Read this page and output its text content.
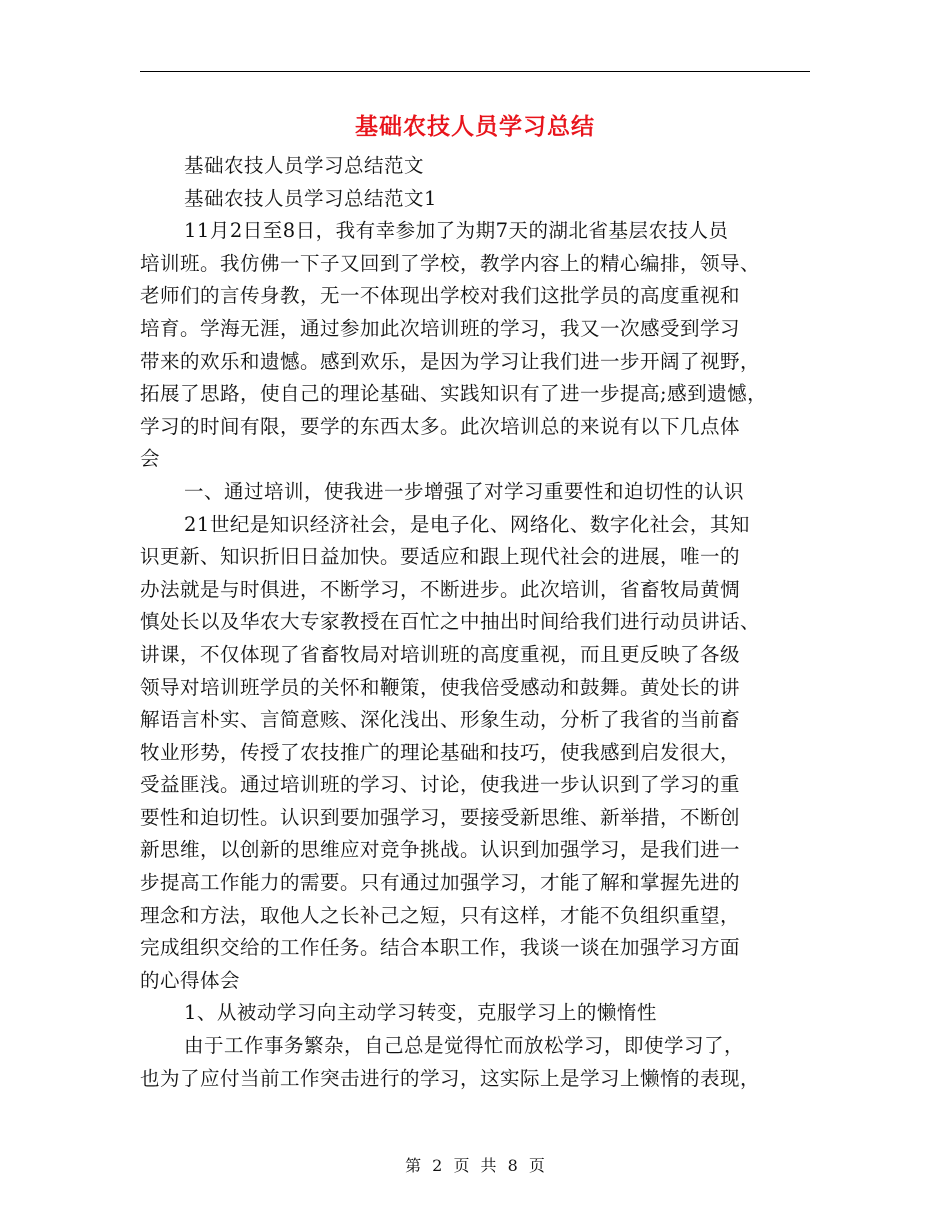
基础农技人员学习总结
基础农技人员学习总结范文
基础农技人员学习总结范文1
11月2日至8日，我有幸参加了为期7天的湖北省基层农技人员
培训班。我仿佛一下子又回到了学校，教学内容上的精心编排，领导、
老师们的言传身教，无一不体现出学校对我们这批学员的高度重视和
培育。学海无涯，通过参加此次培训班的学习，我又一次感受到学习
带来的欢乐和遗憾。感到欢乐，是因为学习让我们进一步开阔了视野，
拓展了思路，使自己的理论基础、实践知识有了进一步提高;感到遗憾，
学习的时间有限，要学的东西太多。此次培训总的来说有以下几点体
会
一、通过培训，使我进一步增强了对学习重要性和迫切性的认识
21世纪是知识经济社会，是电子化、网络化、数字化社会，其知
识更新、知识折旧日益加快。要适应和跟上现代社会的进展，唯一的
办法就是与时俱进，不断学习，不断进步。此次培训，省畜牧局黄惆
慎处长以及华农大专家教授在百忙之中抽出时间给我们进行动员讲话、
讲课，不仅体现了省畜牧局对培训班的高度重视，而且更反映了各级
领导对培训班学员的关怀和鞭策，使我倍受感动和鼓舞。黄处长的讲
解语言朴实、言简意赅、深化浅出、形象生动，分析了我省的当前畜
牧业形势，传授了农技推广的理论基础和技巧，使我感到启发很大，
受益匪浅。通过培训班的学习、讨论，使我进一步认识到了学习的重
要性和迫切性。认识到要加强学习，要接受新思维、新举措，不断创
新思维，以创新的思维应对竞争挑战。认识到加强学习，是我们进一
步提高工作能力的需要。只有通过加强学习，才能了解和掌握先进的
理念和方法，取他人之长补己之短，只有这样，才能不负组织重望，
完成组织交给的工作任务。结合本职工作，我谈一谈在加强学习方面
的心得体会
1、从被动学习向主动学习转变，克服学习上的懒惰性
由于工作事务繁杂，自己总是觉得忙而放松学习，即使学习了，
也为了应付当前工作突击进行的学习，这实际上是学习上懒惰的表现，
第 2 页 共 8 页
